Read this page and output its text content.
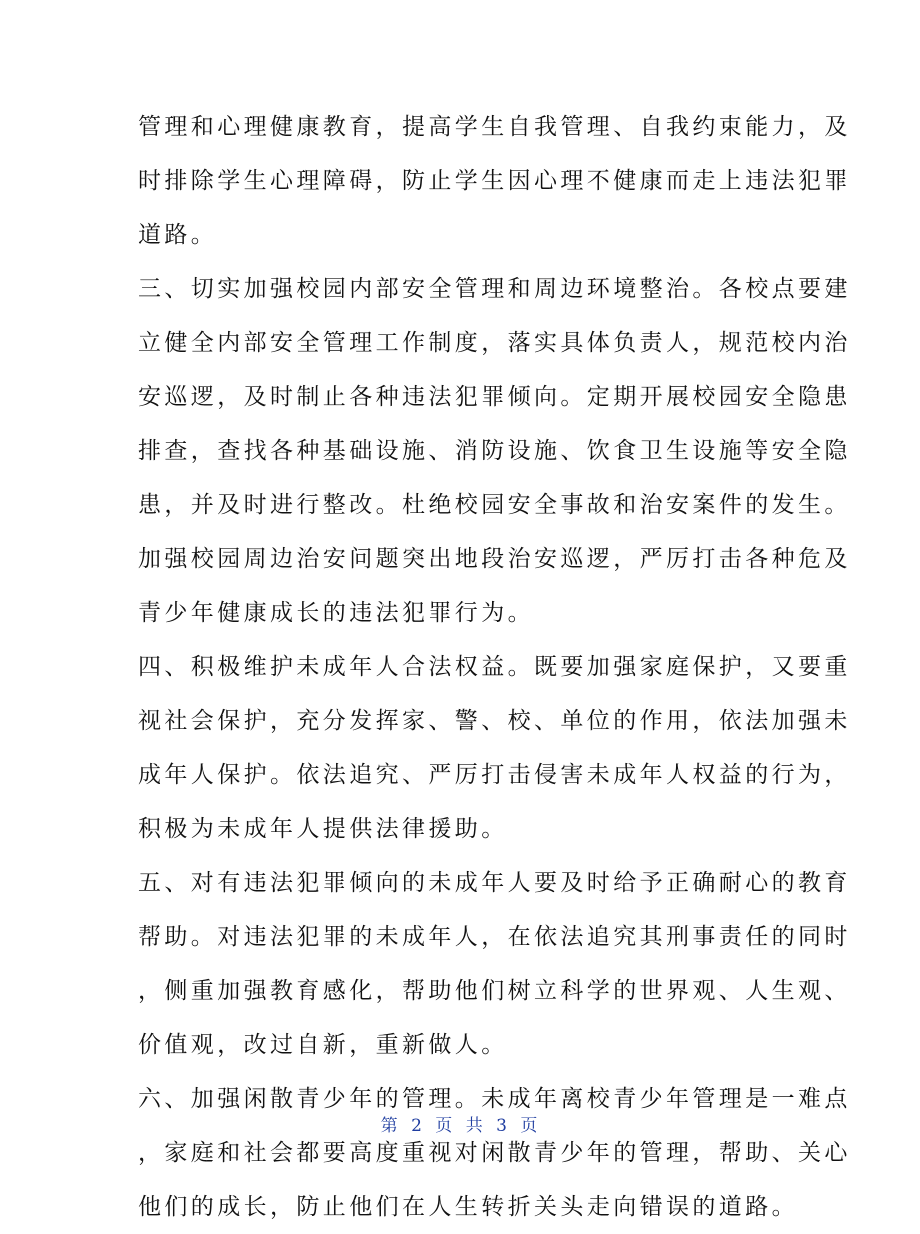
管理和心理健康教育，提高学生自我管理、自我约束能力，及
时排除学生心理障碍，防止学生因心理不健康而走上违法犯罪
道路。
三、切实加强校园内部安全管理和周边环境整治。各校点要建
立健全内部安全管理工作制度，落实具体负责人，规范校内治
安巡逻，及时制止各种违法犯罪倾向。定期开展校园安全隐患
排查，查找各种基础设施、消防设施、饮食卫生设施等安全隐
患，并及时进行整改。杜绝校园安全事故和治安案件的发生。
加强校园周边治安问题突出地段治安巡逻，严厉打击各种危及
青少年健康成长的违法犯罪行为。
四、积极维护未成年人合法权益。既要加强家庭保护，又要重
视社会保护，充分发挥家、警、校、单位的作用，依法加强未
成年人保护。依法追究、严厉打击侵害未成年人权益的行为，
积极为未成年人提供法律援助。
五、对有违法犯罪倾向的未成年人要及时给予正确耐心的教育
帮助。对违法犯罪的未成年人，在依法追究其刑事责任的同时
，侧重加强教育感化，帮助他们树立科学的世界观、人生观、
价值观，改过自新，重新做人。
六、加强闲散青少年的管理。未成年离校青少年管理是一难点
，家庭和社会都要高度重视对闲散青少年的管理，帮助、关心
他们的成长，防止他们在人生转折关头走向错误的道路。
第 2 页 共 3 页
